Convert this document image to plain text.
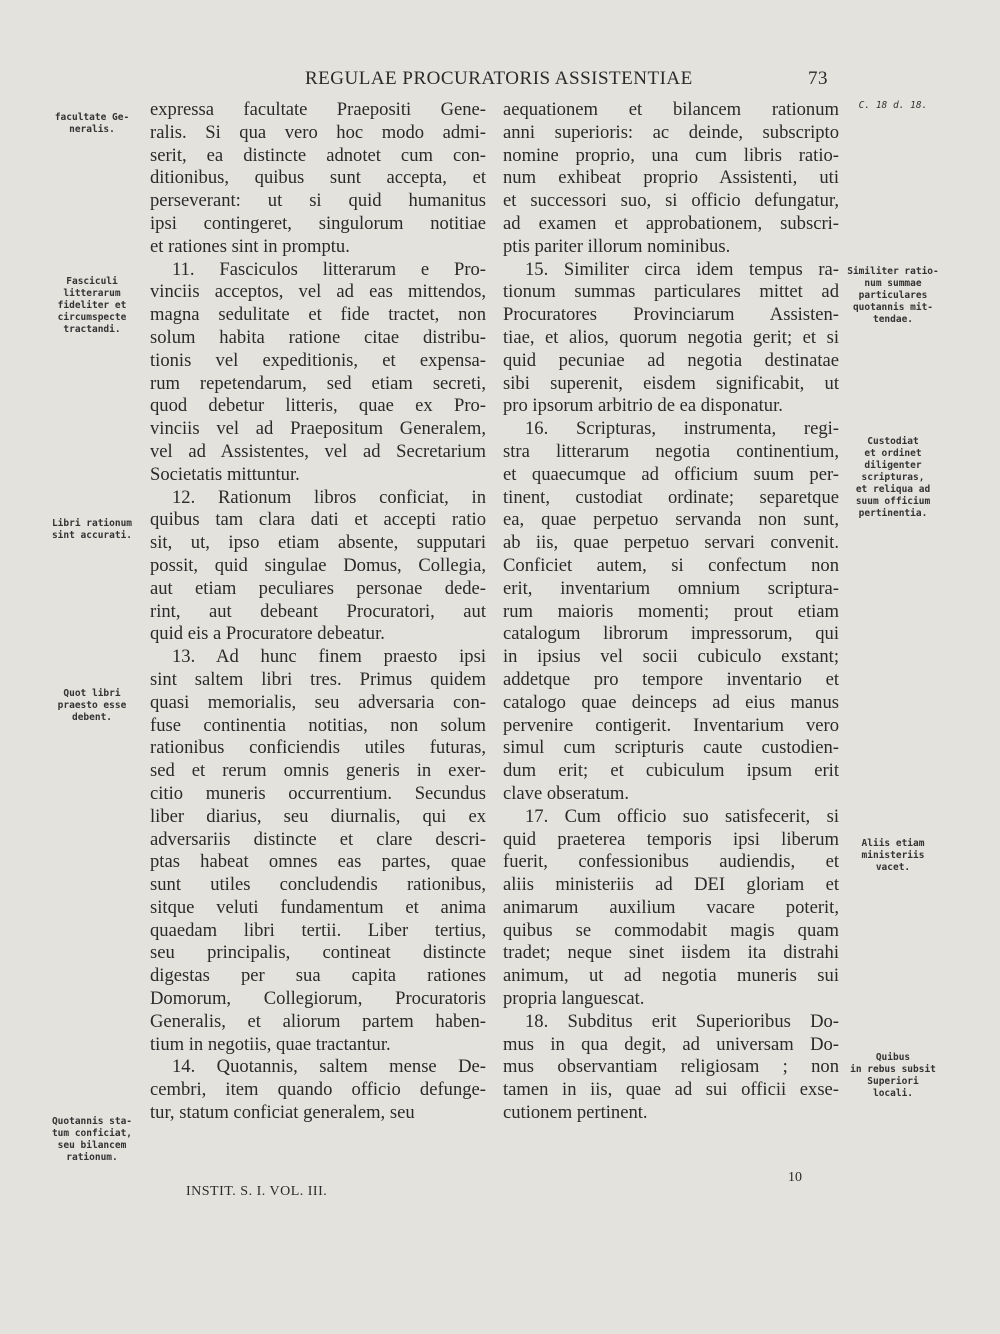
REGULAE PROCURATORIS ASSISTENTIAE	73
expressa facultate Praepositi Gene-
ralis. Si qua vero hoc modo admi-
serit, ea distincte adnotet cum con-
ditionibus, quibus sunt accepta, et
perseverant: ut si quid humanitus
ipsi contingeret, singulorum notitiae
et rationes sint in promptu.
11. Fasciculos litterarum e Pro-
vinciis acceptos, vel ad eas mittendos,
magna sedulitate et fide tractet, non
solum habita ratione citae distribu-
tionis vel expeditionis, et expensa-
rum repetendarum, sed etiam secreti,
quod debetur litteris, quae ex Pro-
vinciis vel ad Praepositum Generalem,
vel ad Assistentes, vel ad Secretarium
Societatis mittuntur.
12. Rationum libros conficiat, in
quibus tam clara dati et accepti ratio
sit, ut, ipso etiam absente, supputari
possit, quid singulae Domus, Collegia,
aut etiam peculiares personae dede-
rint, aut debeant Procuratori, aut
quid eis a Procuratore debeatur.
13. Ad hunc finem praesto ipsi
sint saltem libri tres. Primus quidem
quasi memorialis, seu adversaria con-
fuse continentia notitias, non solum
rationibus conficiendis utiles futuras,
sed et rerum omnis generis in exer-
citio muneris occurrentium. Secundus
liber diarius, seu diurnalis, qui ex
adversariis distincte et clare descri-
ptas habeat omnes eas partes, quae
sunt utiles concludendis rationibus,
sitque veluti fundamentum et anima
quaedam libri tertii. Liber tertius,
seu principalis, contineat distincte
digestas per sua capita rationes
Domorum, Collegiorum, Procuratoris
Generalis, et aliorum partem haben-
tium in negotiis, quae tractantur.
14. Quotannis, saltem mense De-
cembri, item quando officio defunge-
tur, statum conficiat generalem, seu
aequationem et bilancem rationum
anni superioris: ac deinde, subscripto
nomine proprio, una cum libris ratio-
num exhibeat proprio Assistenti, uti
et successori suo, si officio defungatur,
ad examen et approbationem, subscri-
ptis pariter illorum nominibus.
15. Similiter circa idem tempus ra-
tionum summas particulares mittet ad
Procuratores Provinciarum Assisten-
tiae, et alios, quorum negotia gerit; et si
quid pecuniae ad negotia destinatae
sibi superenit, eisdem significabit, ut
pro ipsorum arbitrio de ea disponatur.
16. Scripturas, instrumenta, regi-
stra litterarum negotia continentium,
et quaecumque ad officium suum per-
tinent, custodiat ordinate; separetque
ea, quae perpetuo servanda non sunt,
ab iis, quae perpetuo servari convenit.
Conficiet autem, si confectum non
erit, inventarium omnium scriptura-
rum maioris momenti; prout etiam
catalogum librorum impressorum, qui
in ipsius vel socii cubiculo exstant;
addetque pro tempore inventario et
catalogo quae deinceps ad eius manus
pervenire contigerit. Inventarium vero
simul cum scripturis caute custodien-
dum erit; et cubiculum ipsum erit
clave obseratum.
17. Cum officio suo satisfecerit, si
quid praeterea temporis ipsi liberum
fuerit, confessionibus audiendis, et
aliis ministeriis ad DEI gloriam et
animarum auxilium vacare poterit,
quibus se commodabit magis quam
tradet; neque sinet iisdem ita distrahi
animum, ut ad negotia muneris sui
propria languescat.
18. Subditus erit Superioribus Do-
mus in qua degit, ad universam Do-
mus observantiam religiosam ; non
tamen in iis, quae ad sui officii exse-
cutionem pertinent.
facultate Ge-
neralis.
Fasciculi
litterarum
fideliter et
circumspecte
tractandi.
Libri rationum
sint accurati.
Quot libri
praesto esse
debent.
Quotannis sta-
tum conficiat,
seu bilancem
rationum.
C. 18 d. 18.
Similiter ratio-
num summae
particulares
quotannis mit-
tendae.
Custodiat
et ordinet
diligenter
scripturas,
et reliqua ad
suum officium
pertinentia.
Aliis etiam
ministeriis
vacet.
Quibus
in rebus subsit
Superiori
locali.
INSTIT. S. I. VOL. III.
10
